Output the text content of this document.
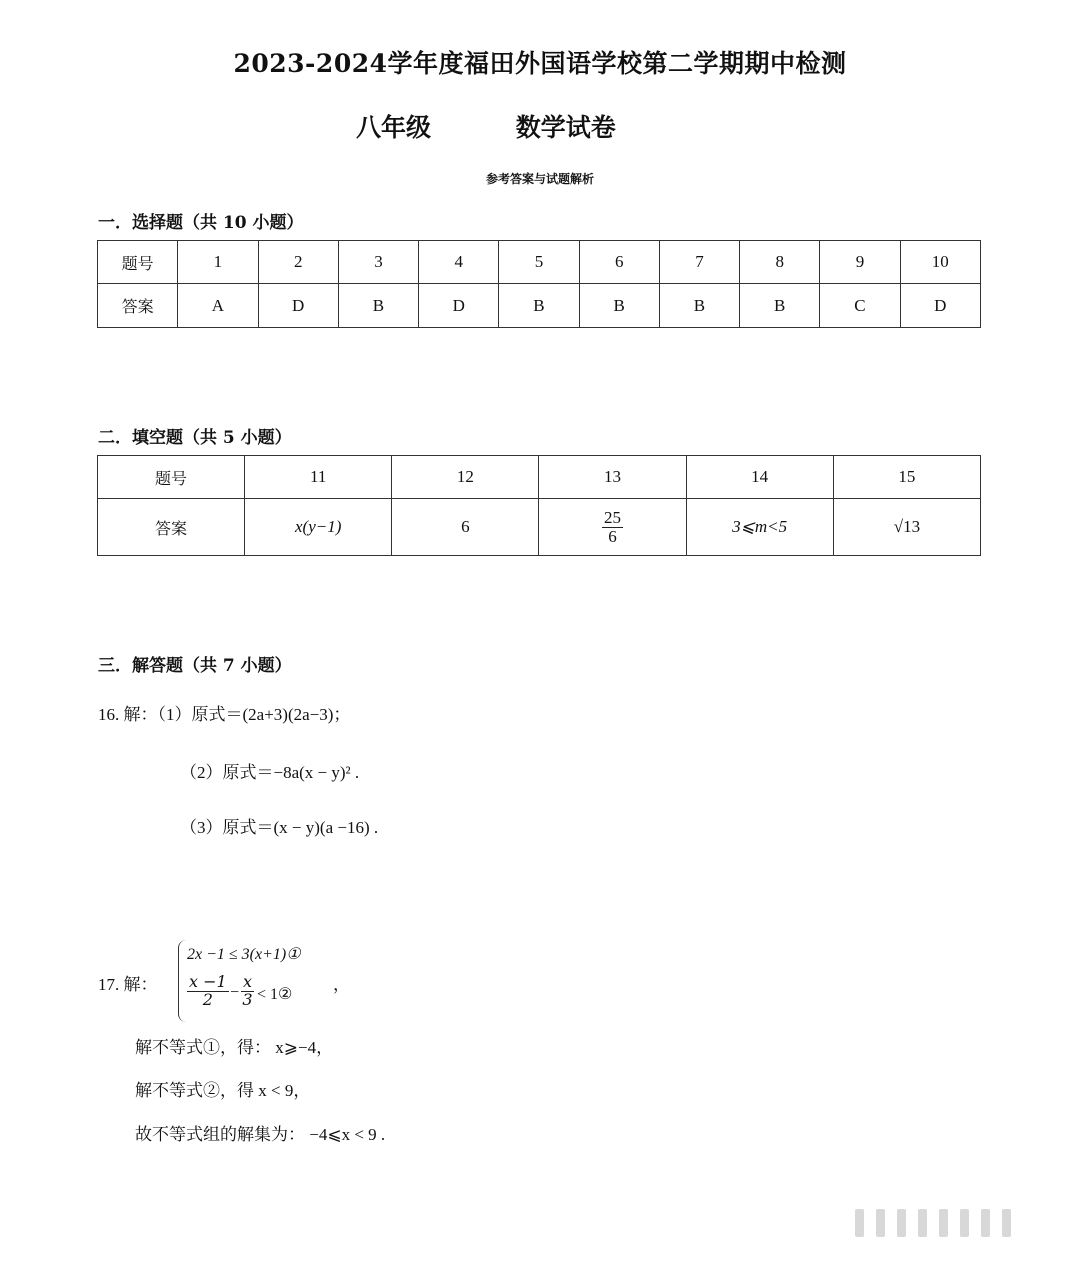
2023-2024学年度福田外国语学校第二学期期中检测
八年级	数学试卷
参考答案与试题解析
一．选择题（共 10 小题）
题号	1	2	3	4	5	6	7	8	9	10
答案	A	D	B	D	B	B	B	B	C	D
二．填空题（共 5 小题）
题号	11	12	13	14	15
答案	x(y−1)	6	$\frac{25}{6}$	3⩽m<5	√13
三．解答题（共 7 小题）
16. 解：（1）原式＝(2a+3)(2a−3)；
（2）原式＝−8a(x − y)² .
（3）原式＝(x − y)(a −16) .
17. 解：
2x −1 ≤ 3(x+1)①
$\frac{x -1}{2} - \frac{x}{3}$ < 1②
，
解不等式①，得： x⩾−4，
解不等式②，得 x < 9，
故不等式组的解集为： −4⩽x < 9 .
